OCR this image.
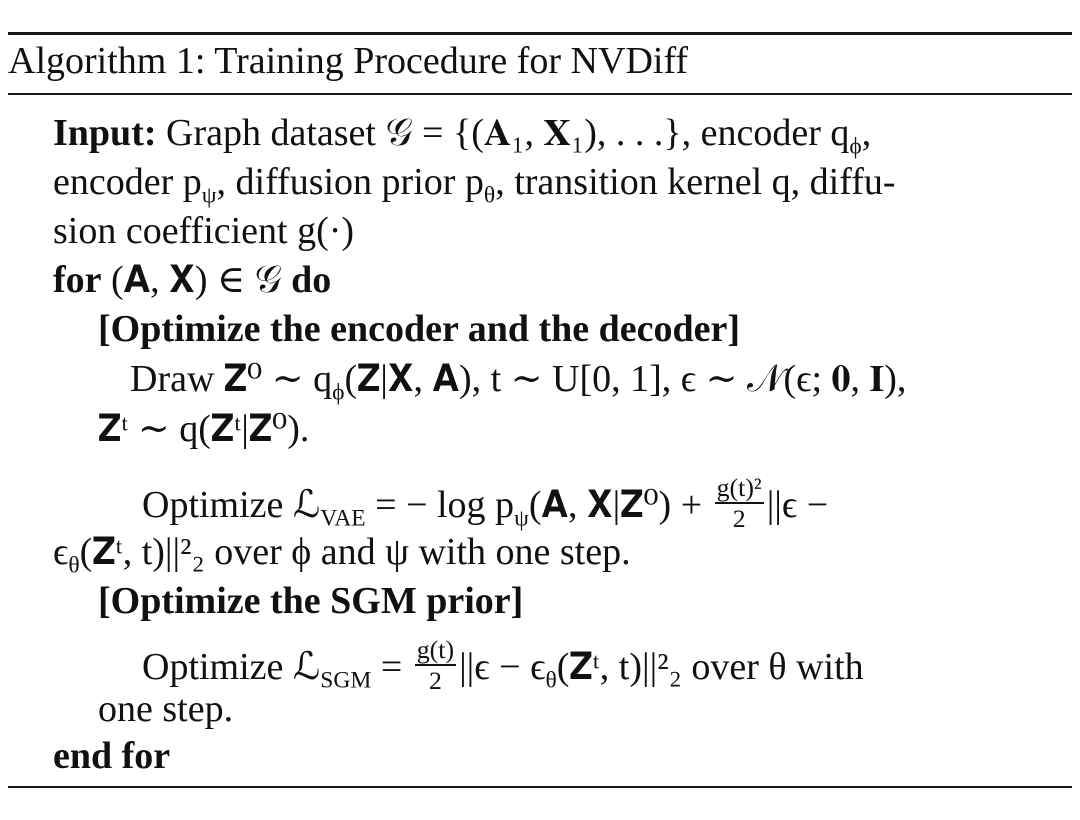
Algorithm 1: Training Procedure for NVDiff
Input: Graph dataset 𝒢 = {(𝐀₁, 𝐗₁), . . .}, encoder $q_\phi$,
encoder $p_\psi$, diffusion prior $p_\theta$, transition kernel q, diffu-
sion coefficient g(·)
for (𝐀, 𝐗) ∈ 𝒢 do
[Optimize the encoder and the decoder]
Draw 𝐙⁰ ∼ $q_\phi(𝐙|𝐗$, 𝐀), t ∼ U[0, 1], ϵ ∼ 𝒩(ϵ; 𝟎, 𝐈),
𝐙ᵗ ∼ q(𝐙ᵗ|𝐙⁰).
Optimize ℒ$_{VAE}$ = − $\log p_\psi(𝐀$, 𝐗|𝐙⁰) + $\frac{\text{g(t)²}}{2} ||\epsilon$ −
$\epsilon_\theta(𝐙ᵗ$, t)||²₂ over ϕ and ψ with one step.
[Optimize the SGM prior]
Optimize ℒ$_{SGM}$ = $\frac{g(t)}{2} ||\epsilon$ − $\epsilon_\theta(𝐙ᵗ$, t)||²₂ over θ with
one step.
end for
